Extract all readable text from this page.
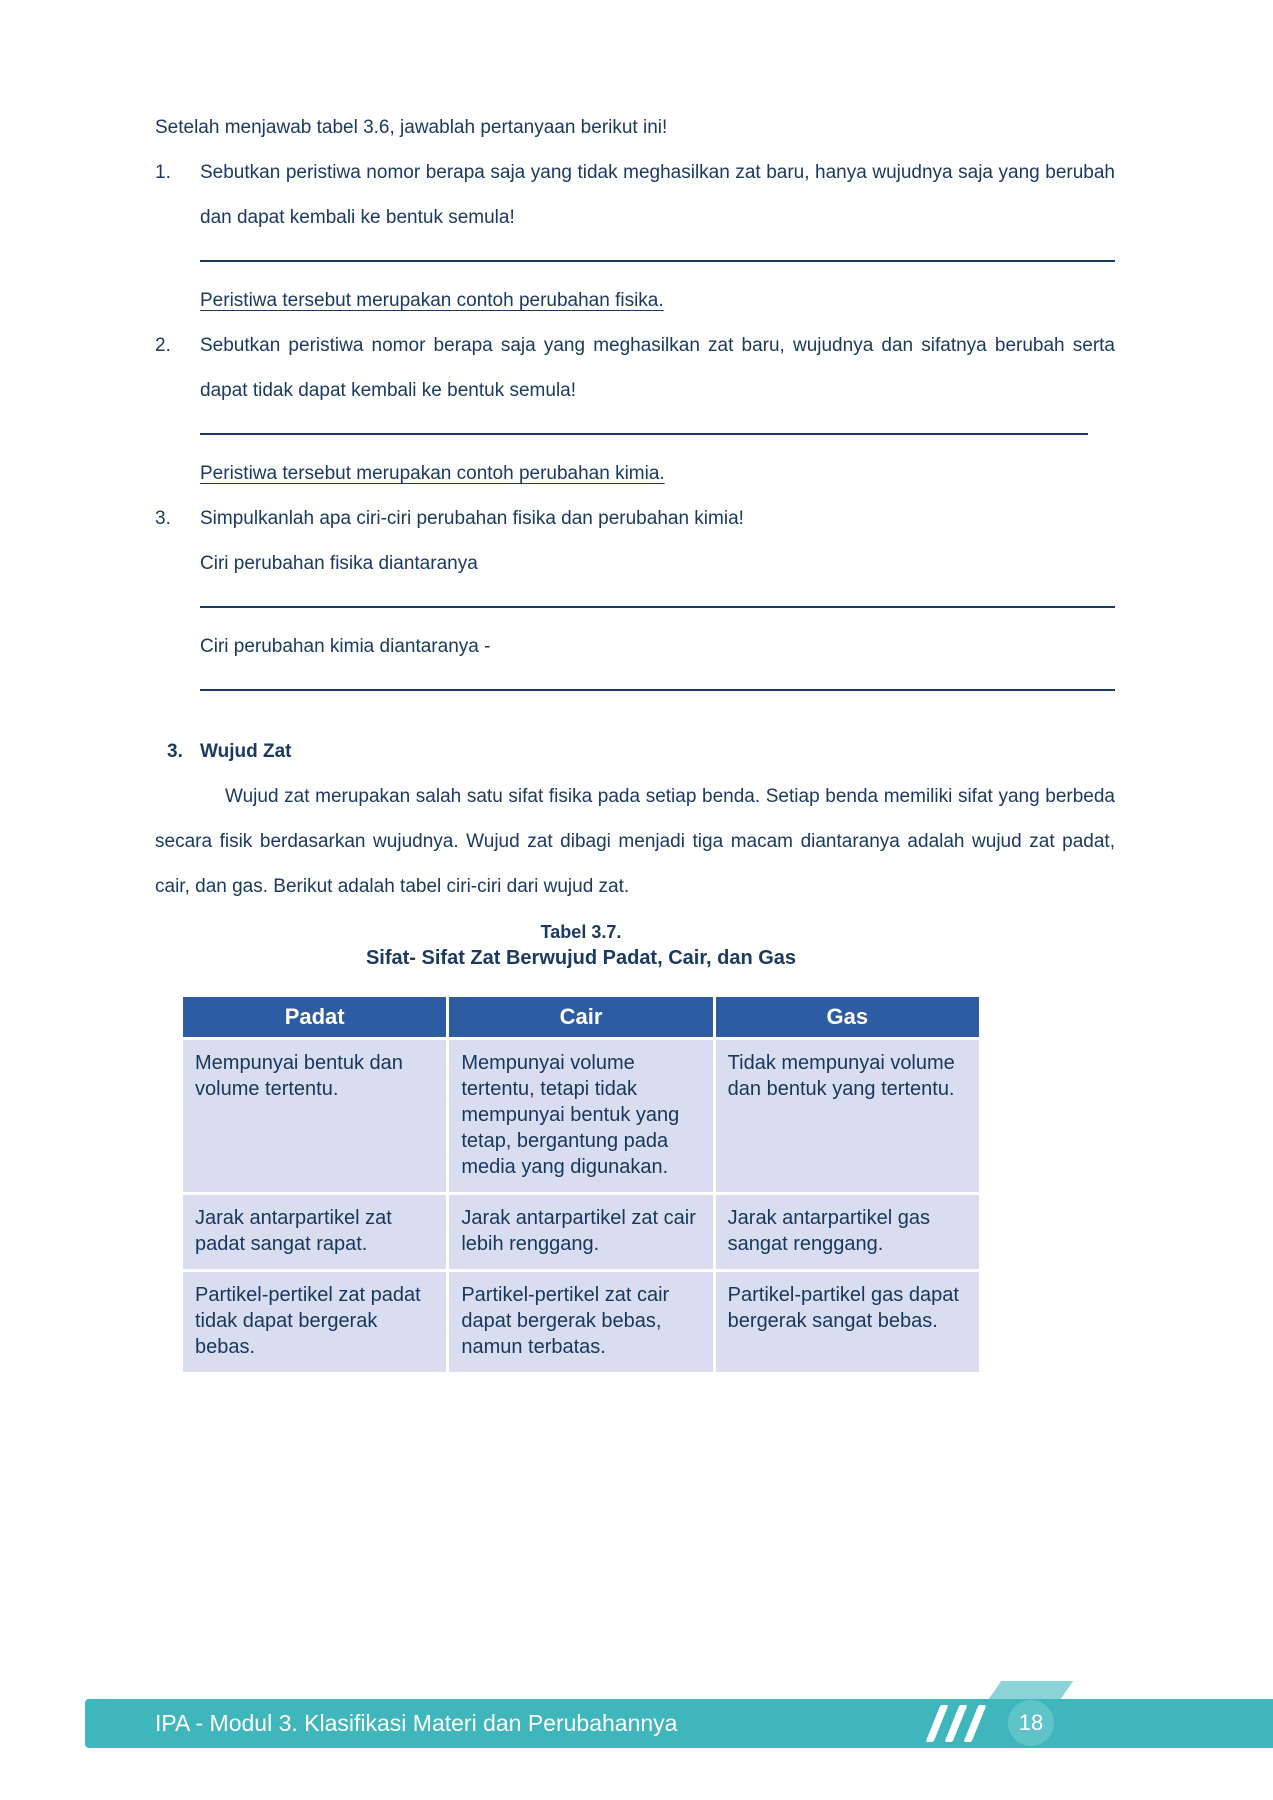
Setelah menjawab tabel 3.6, jawablah pertanyaan berikut ini!

1.	Sebutkan peristiwa nomor berapa saja yang tidak meghasilkan zat baru, hanya wujudnya saja yang berubah dan dapat kembali ke bentuk semula!

Peristiwa tersebut merupakan contoh perubahan fisika.

2.	Sebutkan peristiwa nomor berapa saja yang meghasilkan zat baru, wujudnya dan sifatnya berubah serta dapat tidak dapat kembali ke bentuk semula!

Peristiwa tersebut merupakan contoh perubahan kimia.

3.	Simpulkanlah apa ciri-ciri perubahan fisika dan perubahan kimia!

Ciri perubahan fisika diantaranya

Ciri perubahan kimia diantaranya -

3. Wujud Zat

Wujud zat merupakan salah satu sifat fisika pada setiap benda. Setiap benda memiliki sifat yang berbeda secara fisik berdasarkan wujudnya. Wujud zat dibagi menjadi tiga macam diantaranya adalah wujud zat padat, cair, dan gas. Berikut adalah tabel ciri-ciri dari wujud zat.

Tabel 3.7.
Sifat- Sifat Zat Berwujud Padat, Cair, dan Gas
Padat	Cair	Gas
Mempunyai bentuk dan volume tertentu.	Mempunyai volume tertentu, tetapi tidak mempunyai bentuk yang tetap, bergantung pada media yang digunakan.	Tidak mempunyai volume dan bentuk yang tertentu.
Jarak antarpartikel zat padat sangat rapat.	Jarak antarpartikel zat cair lebih renggang.	Jarak antarpartikel gas sangat renggang.
Partikel-pertikel zat padat tidak dapat bergerak bebas.	Partikel-pertikel zat cair dapat bergerak bebas, namun terbatas.	Partikel-partikel gas dapat bergerak sangat bebas.
IPA - Modul 3. Klasifikasi Materi dan Perubahannya	18
